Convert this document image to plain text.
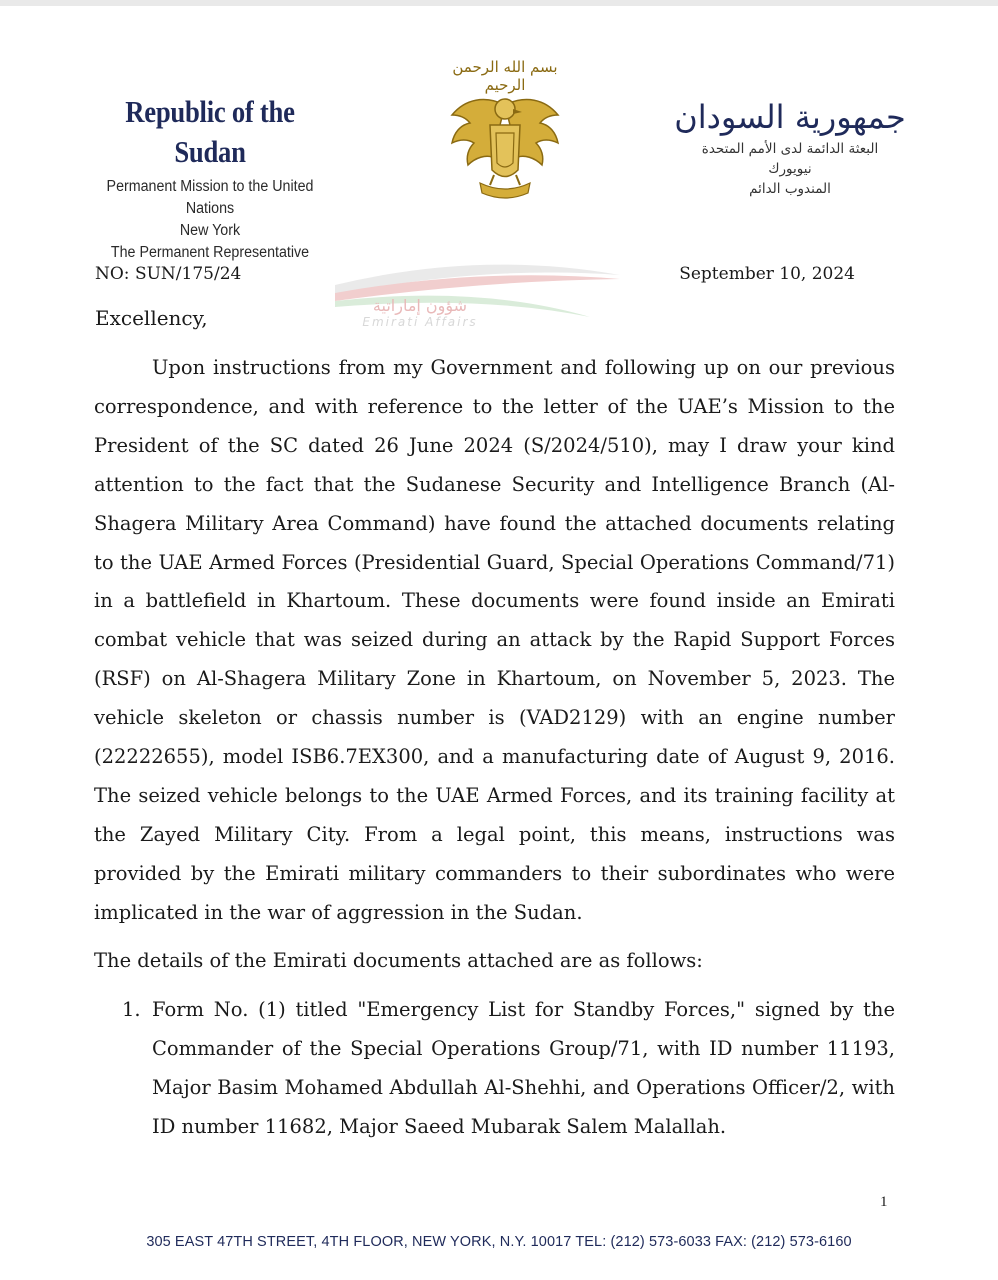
Republic of the Sudan
Permanent Mission to the United Nations
New York
The Permanent Representative
بسم الله الرحمن الرحيم
جمهورية السودان
البعثة الدائمة لدى الأمم المتحدة
نيويورك
المندوب الدائم
شؤون إماراتية
Emirati Affairs
NO: SUN/175/24	September 10, 2024
Excellency,

Upon instructions from my Government and following up on our previous correspondence, and with reference to the letter of the UAE’s Mission to the President of the SC dated 26 June 2024 (S/2024/510), may I draw your kind attention to the fact that the Sudanese Security and Intelligence Branch (Al-Shagera Military Area Command) have found the attached documents relating to the UAE Armed Forces (Presidential Guard, Special Operations Command/71) in a battlefield in Khartoum. These documents were found inside an Emirati combat vehicle that was seized during an attack by the Rapid Support Forces (RSF) on Al-Shagera Military Zone in Khartoum, on November 5, 2023. The vehicle skeleton or chassis number is (VAD2129) with an engine number (22222655), model ISB6.7EX300, and a manufacturing date of August 9, 2016. The seized vehicle belongs to the UAE Armed Forces, and its training facility at the Zayed Military City. From a legal point, this means, instructions was provided by the Emirati military commanders to their subordinates who were implicated in the war of aggression in the Sudan.

The details of the Emirati documents attached are as follows:

1. Form No. (1) titled "Emergency List for Standby Forces," signed by the Commander of the Special Operations Group/71, with ID number 11193, Major Basim Mohamed Abdullah Al-Shehhi, and Operations Officer/2, with ID number 11682, Major Saeed Mubarak Salem Malallah.
1
305 EAST 47TH STREET, 4TH FLOOR, NEW YORK, N.Y. 10017 TEL: (212) 573-6033 FAX: (212) 573-6160
